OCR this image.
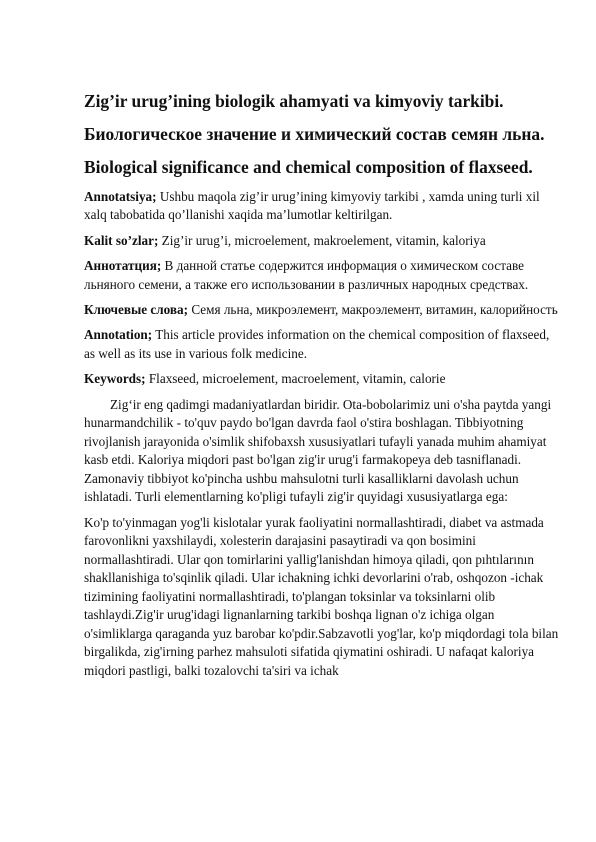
Zig’ir urug’ining biologik ahamyati va kimyoviy tarkibi.
Биологическое значение и химический состав семян льна.
Biological significance and chemical composition of flaxseed.

Annotatsiya; Ushbu maqola zig’ir urug’ining kimyoviy tarkibi , xamda uning turli xil xalq tabobatida qo’llanishi xaqida ma’lumotlar keltirilgan.

Kalit so’zlar; Zig’ir urug’i, microelement, makroelement, vitamin, kaloriya

Аннотатция; В данной статье содержится информация о химическом составе льняного семени, а также его использовании в различных народных средствах.

Ключевые слова; Семя льна, микроэлемент, макроэлемент, витамин, калорийность

Annotation; This article provides information on the chemical composition of flaxseed, as well as its use in various folk medicine.

Keywords; Flaxseed, microelement, macroelement, vitamin, calorie

Zig‘ir eng qadimgi madaniyatlardan biridir. Ota-bobolarimiz uni o'sha paytda yangi hunarmandchilik - to'quv paydo bo'lgan davrda faol o'stira boshlagan. Tibbiyotning rivojlanish jarayonida o'simlik shifobaxsh xususiyatlari tufayli yanada muhim ahamiyat kasb etdi. Kaloriya miqdori past bo'lgan zig'ir urug'i farmakopeya deb tasniflanadi. Zamonaviy tibbiyot ko'pincha ushbu mahsulotni turli kasalliklarni davolash uchun ishlatadi. Turli elementlarning ko'pligi tufayli zig'ir quyidagi xususiyatlarga ega:

Ko'p to'yinmagan yog'li kislotalar yurak faoliyatini normallashtiradi, diabet va astmada farovonlikni yaxshilaydi, xolesterin darajasini pasaytiradi va qon bosimini normallashtiradi. Ular qon tomirlarini yallig'lanishdan himoya qiladi, qon pıhtılarının shakllanishiga to'sqinlik qiladi. Ular ichakning ichki devorlarini o'rab, oshqozon -ichak tizimining faoliyatini normallashtiradi, to'plangan toksinlar va toksinlarni olib tashlaydi.Zig'ir urug'idagi lignanlarning tarkibi boshqa lignan o'z ichiga olgan o'simliklarga qaraganda yuz barobar ko'pdir.Sabzavotli yog'lar, ko'p miqdordagi tola bilan birgalikda, zig'irning parhez mahsuloti sifatida qiymatini oshiradi. U nafaqat kaloriya miqdori pastligi, balki tozalovchi ta'siri va ichak
